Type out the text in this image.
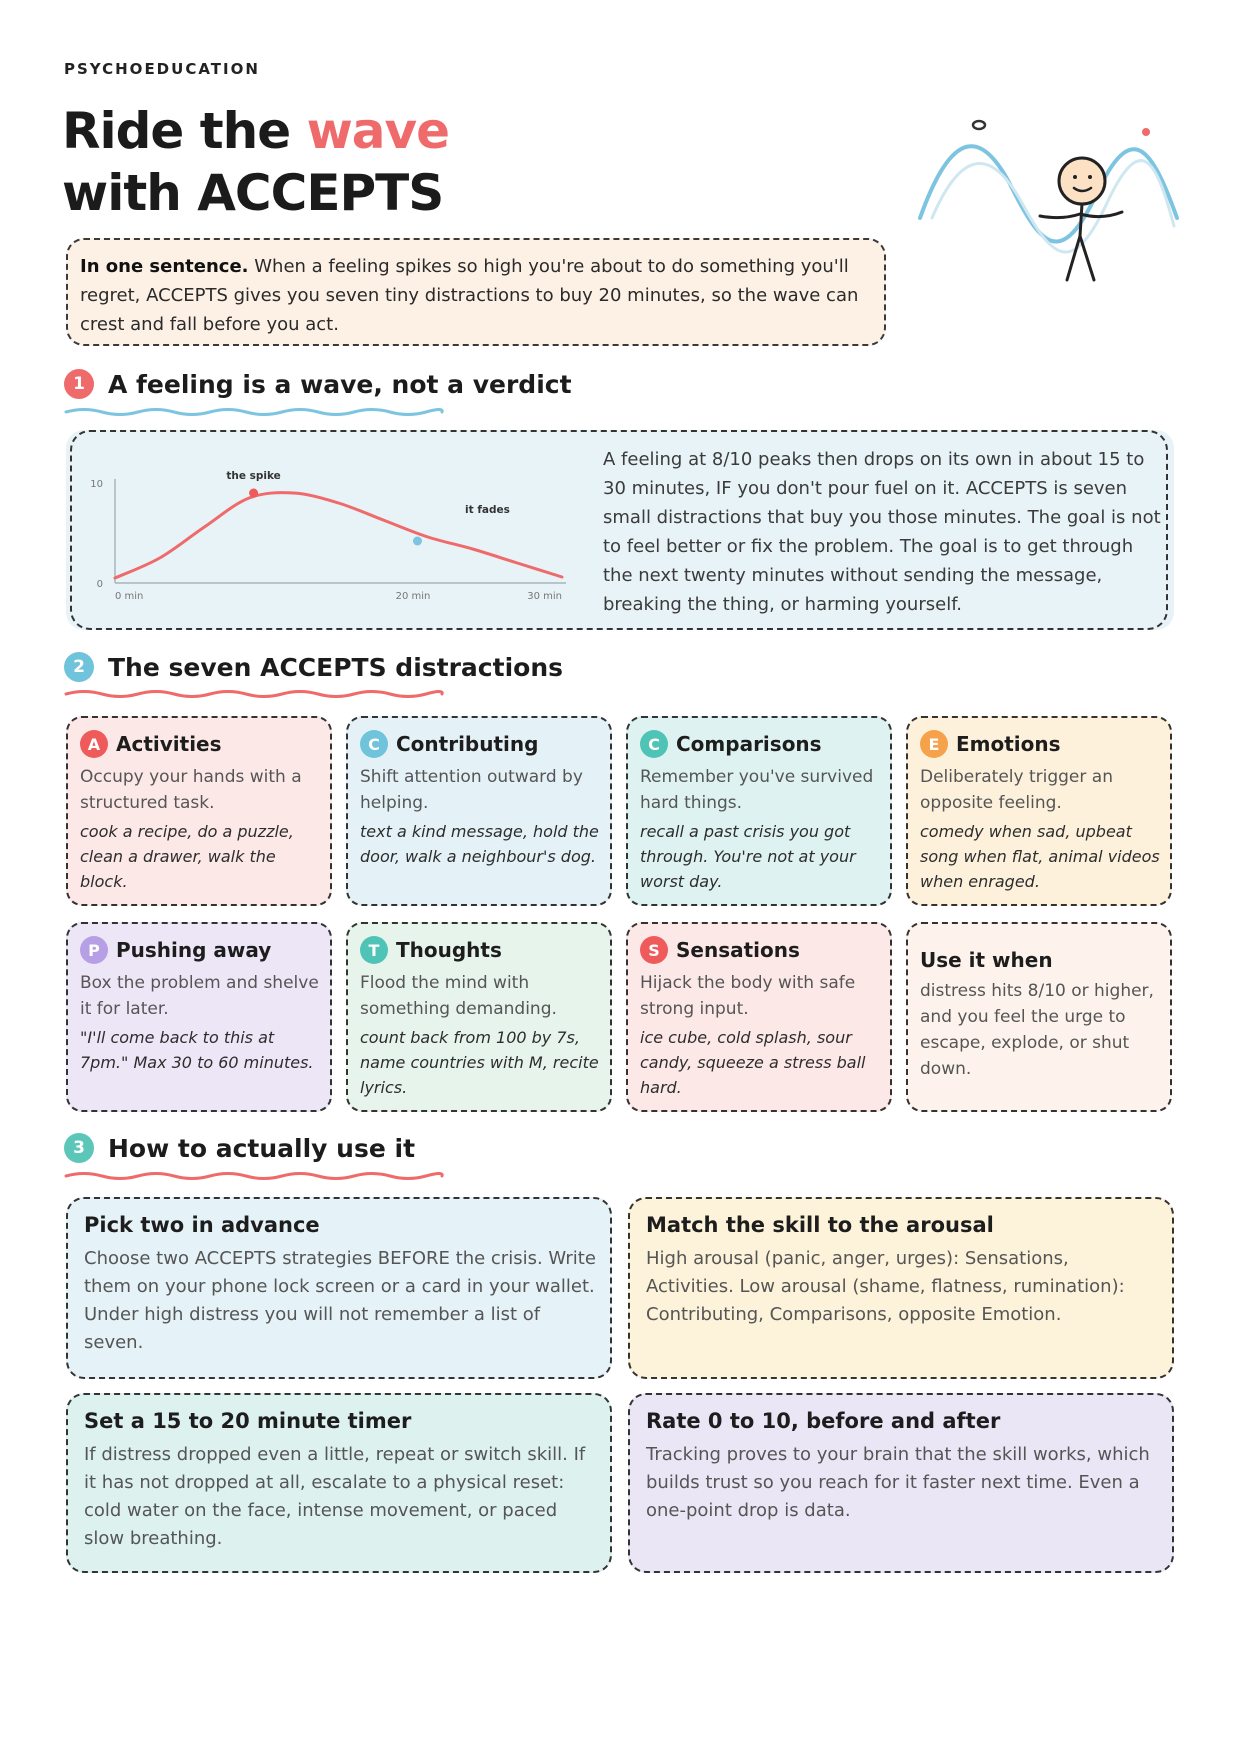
PSYCHOEDUCATION
Ride the wave
with ACCEPTS
In one sentence. When a feeling spikes so high you're about to do something you'll regret, ACCEPTS gives you seven tiny distractions to buy 20 minutes, so the wave can crest and fall before you act.
1 A feeling is a wave, not a verdict
0
10
0 min	20 min	30 min
the spike
it fades
A feeling at 8/10 peaks then drops on its own in about 15 to 30 minutes, IF you don't pour fuel on it. ACCEPTS is seven small distractions that buy you those minutes. The goal is not to feel better or fix the problem. The goal is to get through the next twenty minutes without sending the message, breaking the thing, or harming yourself.
2 The seven ACCEPTS distractions
A Activities
Occupy your hands with a structured task.
cook a recipe, do a puzzle, clean a drawer, walk the block.
C Contributing
Shift attention outward by helping.
text a kind message, hold the door, walk a neighbour's dog.
C Comparisons
Remember you've survived hard things.
recall a past crisis you got through. You're not at your worst day.
E Emotions
Deliberately trigger an opposite feeling.
comedy when sad, upbeat song when flat, animal videos when enraged.
P Pushing away
Box the problem and shelve it for later.
"I'll come back to this at 7pm." Max 30 to 60 minutes.
T Thoughts
Flood the mind with something demanding.
count back from 100 by 7s, name countries with M, recite lyrics.
S Sensations
Hijack the body with safe strong input.
ice cube, cold splash, sour candy, squeeze a stress ball hard.
Use it when
distress hits 8/10 or higher, and you feel the urge to escape, explode, or shut down.
3 How to actually use it
Pick two in advance

Choose two ACCEPTS strategies BEFORE the crisis. Write them on your phone lock screen or a card in your wallet. Under high distress you will not remember a list of seven.

Match the skill to the arousal

High arousal (panic, anger, urges): Sensations, Activities. Low arousal (shame, flatness, rumination): Contributing, Comparisons, opposite Emotion.

Set a 15 to 20 minute timer

If distress dropped even a little, repeat or switch skill. If it has not dropped at all, escalate to a physical reset: cold water on the face, intense movement, or paced slow breathing.

Rate 0 to 10, before and after

Tracking proves to your brain that the skill works, which builds trust so you reach for it faster next time. Even a one-point drop is data.
